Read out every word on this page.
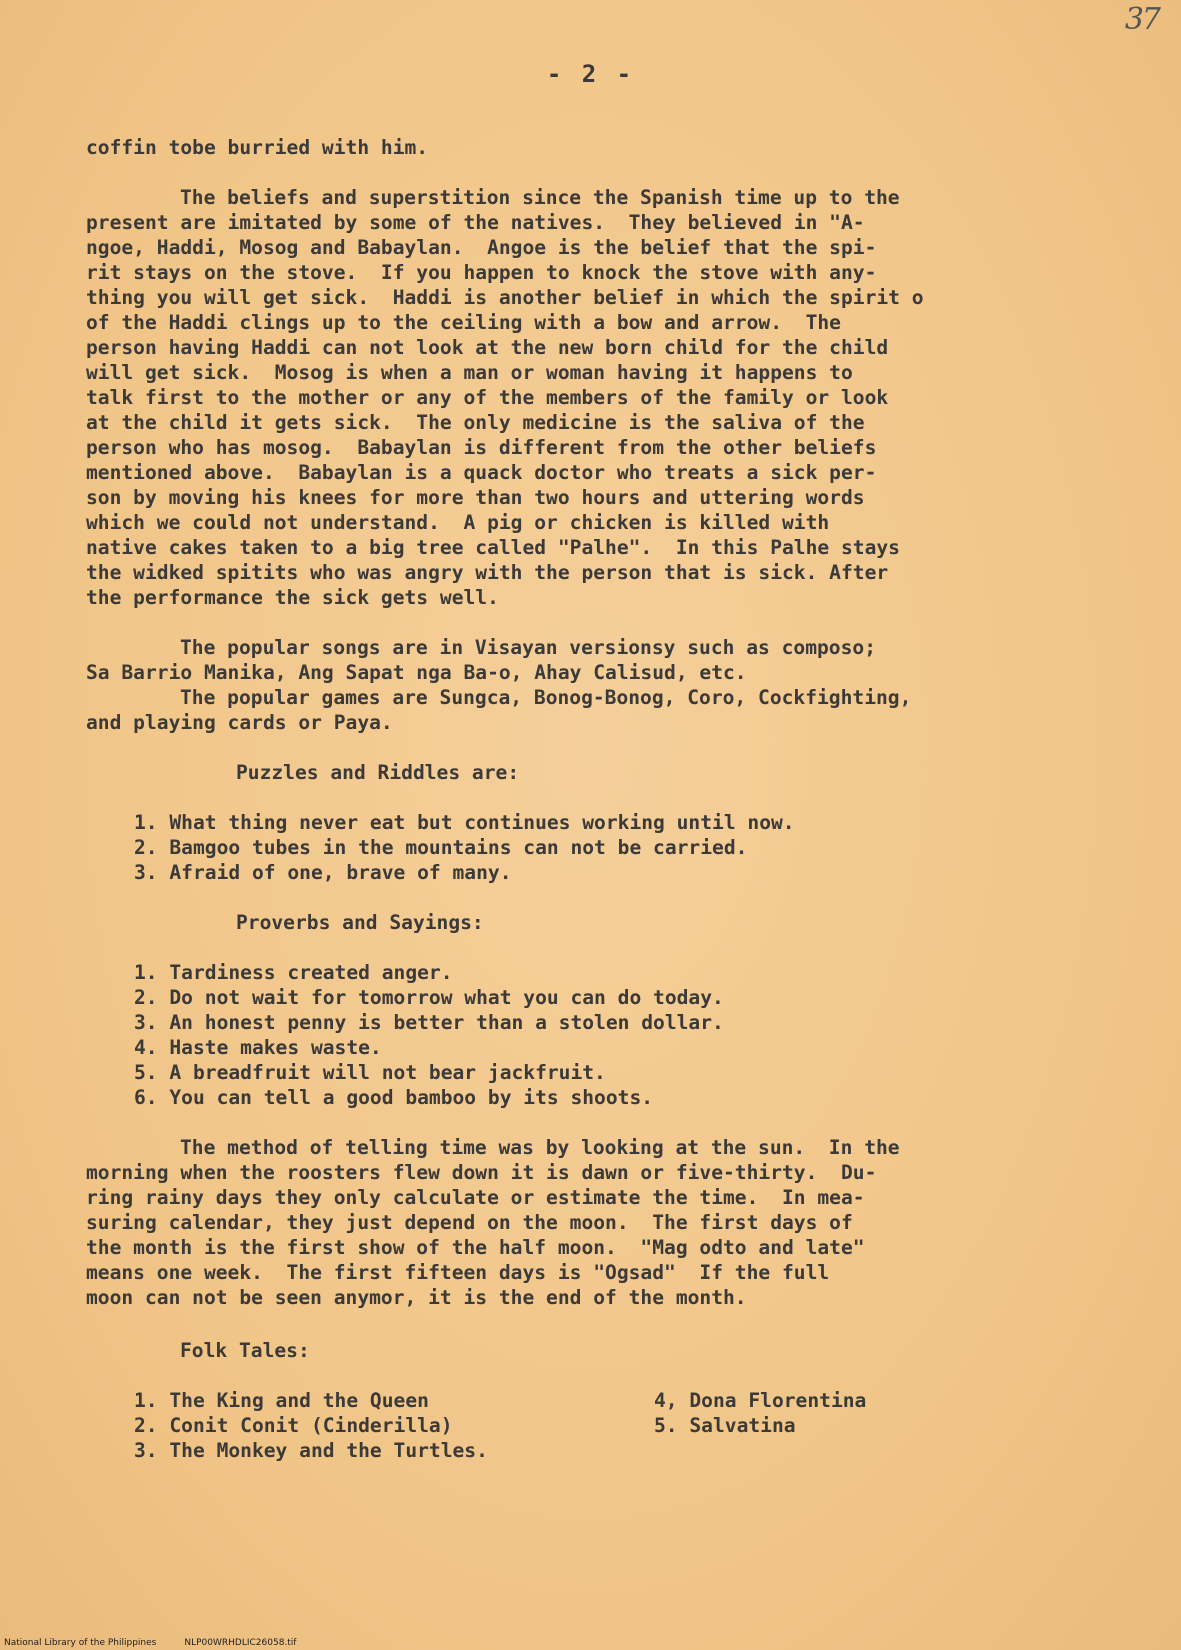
37
- 2 -

coffin tobe burried with him.

The beliefs and superstition since the Spanish time up to the

present are imitated by some of the natives.  They believed in "A-

ngoe, Haddi, Mosog and Babaylan.  Angoe is the belief that the spi-

rit stays on the stove.  If you happen to knock the stove with any-

thing you will get sick.  Haddi is another belief in which the spirit o

of the Haddi clings up to the ceiling with a bow and arrow.  The

person having Haddi can not look at the new born child for the child

will get sick.  Mosog is when a man or woman having it happens to

talk first to the mother or any of the members of the family or look

at the child it gets sick.  The only medicine is the saliva of the

person who has mosog.  Babaylan is different from the other beliefs

mentioned above.  Babaylan is a quack doctor who treats a sick per-

son by moving his knees for more than two hours and uttering words

which we could not understand.  A pig or chicken is killed with

native cakes taken to a big tree called "Palhe".  In this Palhe stays

the widked spitits who was angry with the person that is sick. After

the performance the sick gets well.

The popular songs are in Visayan versionsy such as composo;

Sa Barrio Manika, Ang Sapat nga Ba-o, Ahay Calisud, etc.

The popular games are Sungca, Bonog-Bonog, Coro, Cockfighting,

and playing cards or Paya.

Puzzles and Riddles are:

1. What thing never eat but continues working until now.

2. Bamgoo tubes in the mountains can not be carried.

3. Afraid of one, brave of many.

Proverbs and Sayings:

1. Tardiness created anger.

2. Do not wait for tomorrow what you can do today.

3. An honest penny is better than a stolen dollar.

4. Haste makes waste.

5. A breadfruit will not bear jackfruit.

6. You can tell a good bamboo by its shoots.

The method of telling time was by looking at the sun.  In the

morning when the roosters flew down it is dawn or five-thirty.  Du-

ring rainy days they only calculate or estimate the time.  In mea-

suring calendar, they just depend on the moon.  The first days of

the month is the first show of the half moon.  "Mag odto and late"

means one week.  The first fifteen days is "Ogsad"  If the full

moon can not be seen anymor, it is the end of the month.

Folk Tales:

1. The King and the Queen
2. Conit Conit (Cinderilla)
3. The Monkey and the Turtles.
4, Dona Florentina
5. Salvatina
National Library of the Philippines	NLP00WRHDLIC26058.tif
